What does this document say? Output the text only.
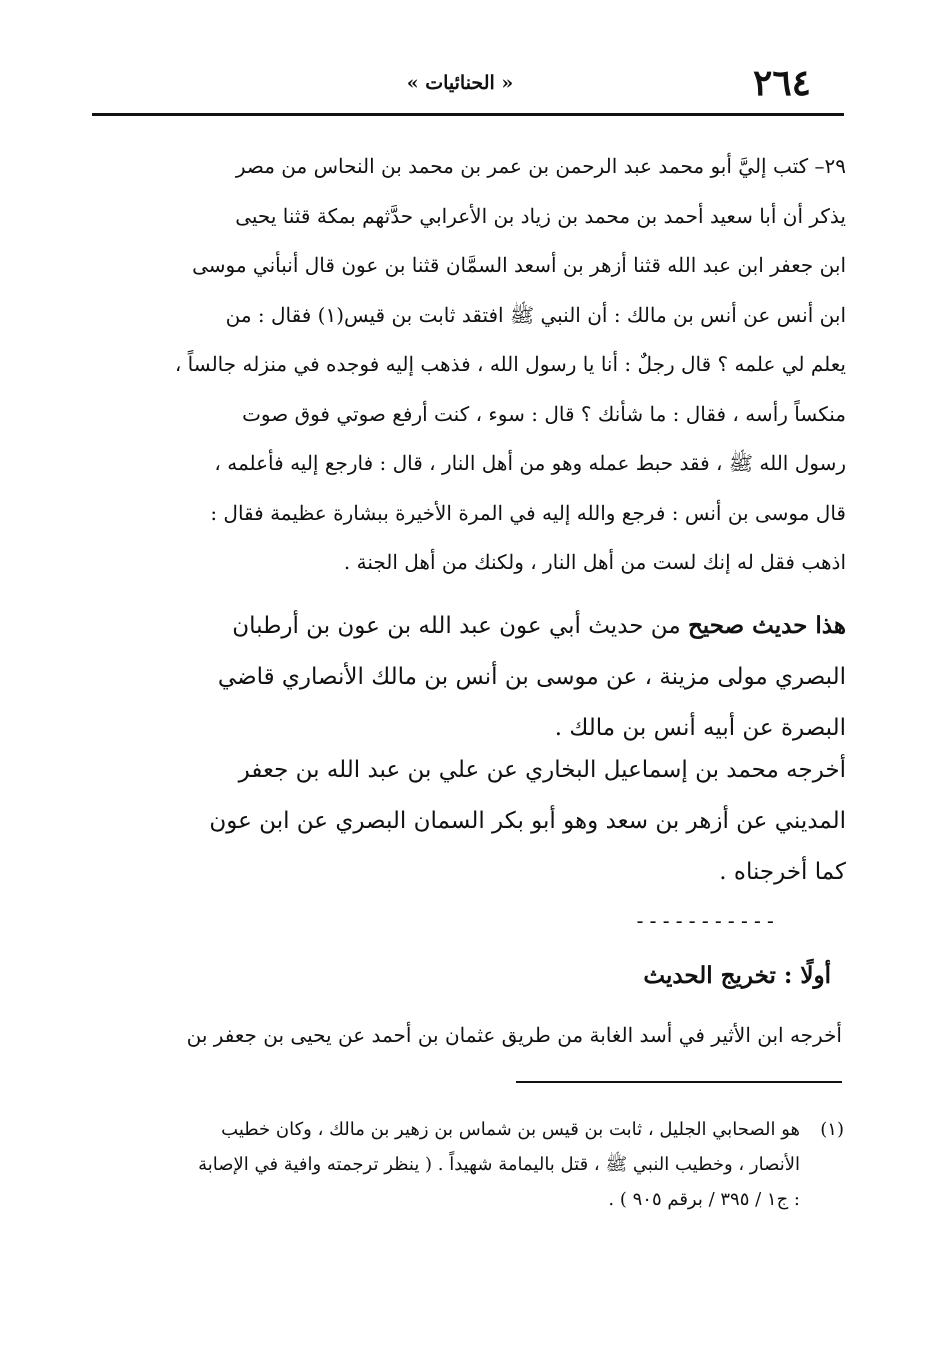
٢٦٤
« الحنائيات »
٢٩– كتب إليَّ أبو محمد عبد الرحمن بن عمر بن محمد بن النحاس من مصر
يذكر أن أبا سعيد أحمد بن محمد بن زياد بن الأعرابي حدَّثهم بمكة قثنا يحيى
ابن جعفر ابن عبد الله قثنا أزهر بن أسعد السمَّان قثنا بن عون قال أنبأني موسى
ابن أنس عن أنس بن مالك : أن النبي ﷺ افتقد ثابت بن قيس(١) فقال : من
يعلم لي علمه ؟ قال رجلٌ : أنا يا رسول الله ، فذهب إليه فوجده في منزله جالساً ،
منكساً رأسه ، فقال : ما شأنك ؟ قال : سوء ، كنت أرفع صوتي فوق صوت
رسول الله ﷺ ، فقد حبط عمله وهو من أهل النار ، قال : فارجع إليه فأعلمه ،
قال موسى بن أنس : فرجع والله إليه في المرة الأخيرة ببشارة عظيمة فقال :
اذهب فقل له إنك لست من أهل النار ، ولكنك من أهل الجنة .
هذا حديث صحيح من حديث أبي عون عبد الله بن عون بن أرطبان
البصري مولى مزينة ، عن موسى بن أنس بن مالك الأنصاري قاضي
البصرة عن أبيه أنس بن مالك .
أخرجه محمد بن إسماعيل البخاري عن علي بن عبد الله بن جعفر
المديني عن أزهر بن سعد وهو أبو بكر السمان البصري عن ابن عون
كما أخرجناه .
-----------
أولًا : تخريج الحديث
أخرجه ابن الأثير في أسد الغابة من طريق عثمان بن أحمد عن يحيى بن جعفر بن
(١)
هو الصحابي الجليل ، ثابت بن قيس بن شماس بن زهير بن مالك ، وكان خطيب
الأنصار ، وخطيب النبي ﷺ ، قتل باليمامة شهيداً . ( ينظر ترجمته وافية في الإصابة
: ج١ / ٣٩٥ / برقم ٩٠٥ ) .
